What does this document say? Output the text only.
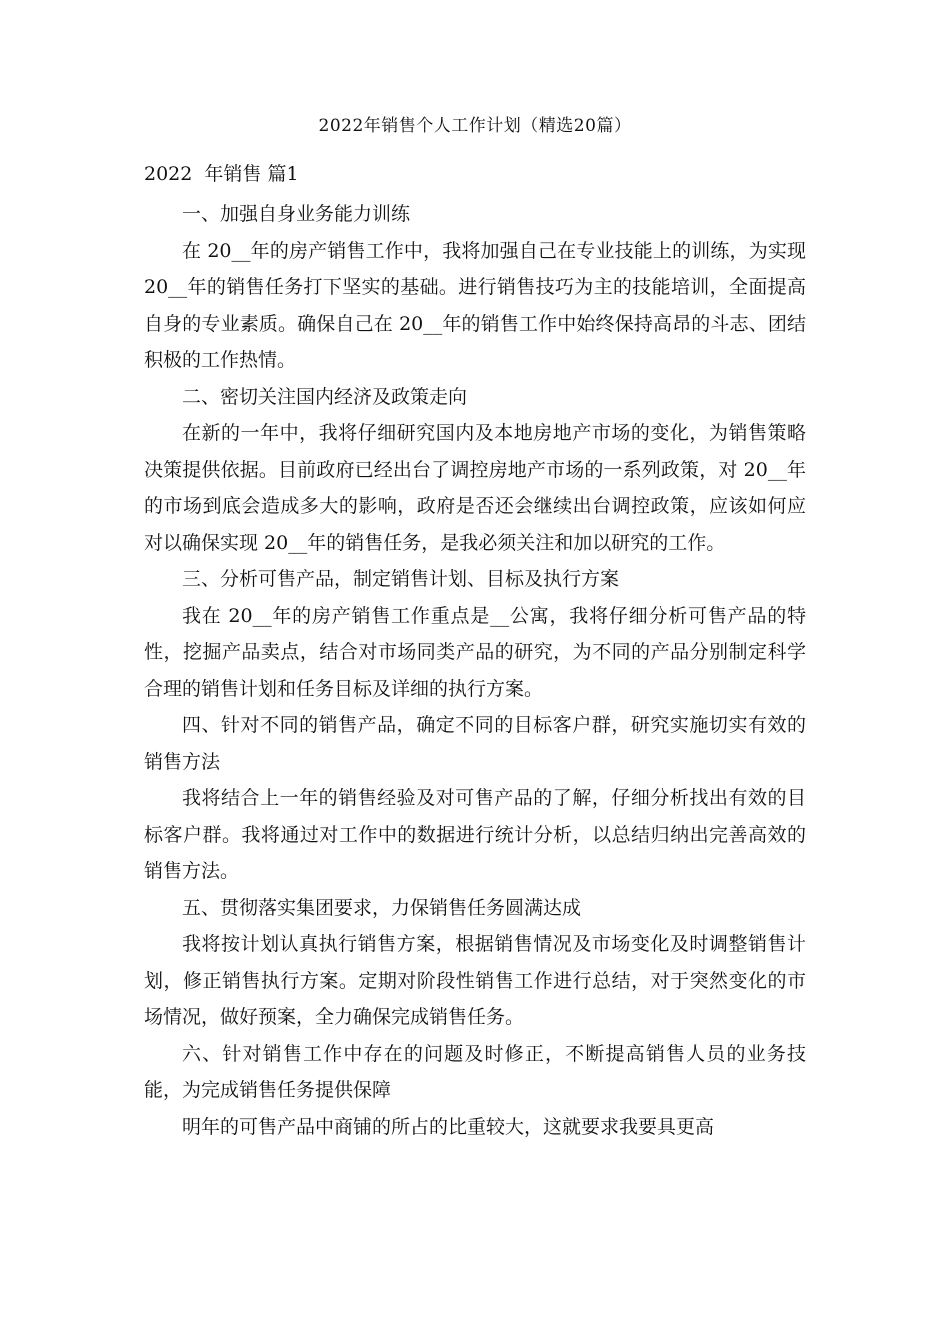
2022年销售个人工作计划（精选20篇）
2022  年销售 篇1

一、加强自身业务能力训练

在 20__年的房产销售工作中，我将加强自己在专业技能上的训练，为实现 20__年的销售任务打下坚实的基础。进行销售技巧为主的技能培训，全面提高自身的专业素质。确保自己在 20__年的销售工作中始终保持高昂的斗志、团结积极的工作热情。

二、密切关注国内经济及政策走向

在新的一年中，我将仔细研究国内及本地房地产市场的变化，为销售策略决策提供依据。目前政府已经出台了调控房地产市场的一系列政策，对 20__年的市场到底会造成多大的影响，政府是否还会继续出台调控政策，应该如何应对以确保实现 20__年的销售任务，是我必须关注和加以研究的工作。

三、分析可售产品，制定销售计划、目标及执行方案

我在 20__年的房产销售工作重点是__公寓，我将仔细分析可售产品的特性，挖掘产品卖点，结合对市场同类产品的研究，为不同的产品分别制定科学合理的销售计划和任务目标及详细的执行方案。

四、针对不同的销售产品，确定不同的目标客户群，研究实施切实有效的销售方法

我将结合上一年的销售经验及对可售产品的了解，仔细分析找出有效的目标客户群。我将通过对工作中的数据进行统计分析，以总结归纳出完善高效的销售方法。

五、贯彻落实集团要求，力保销售任务圆满达成

我将按计划认真执行销售方案，根据销售情况及市场变化及时调整销售计划，修正销售执行方案。定期对阶段性销售工作进行总结，对于突然变化的市场情况，做好预案，全力确保完成销售任务。

六、针对销售工作中存在的问题及时修正，不断提高销售人员的业务技能，为完成销售任务提供保障

明年的可售产品中商铺的所占的比重较大，这就要求我要具更高
